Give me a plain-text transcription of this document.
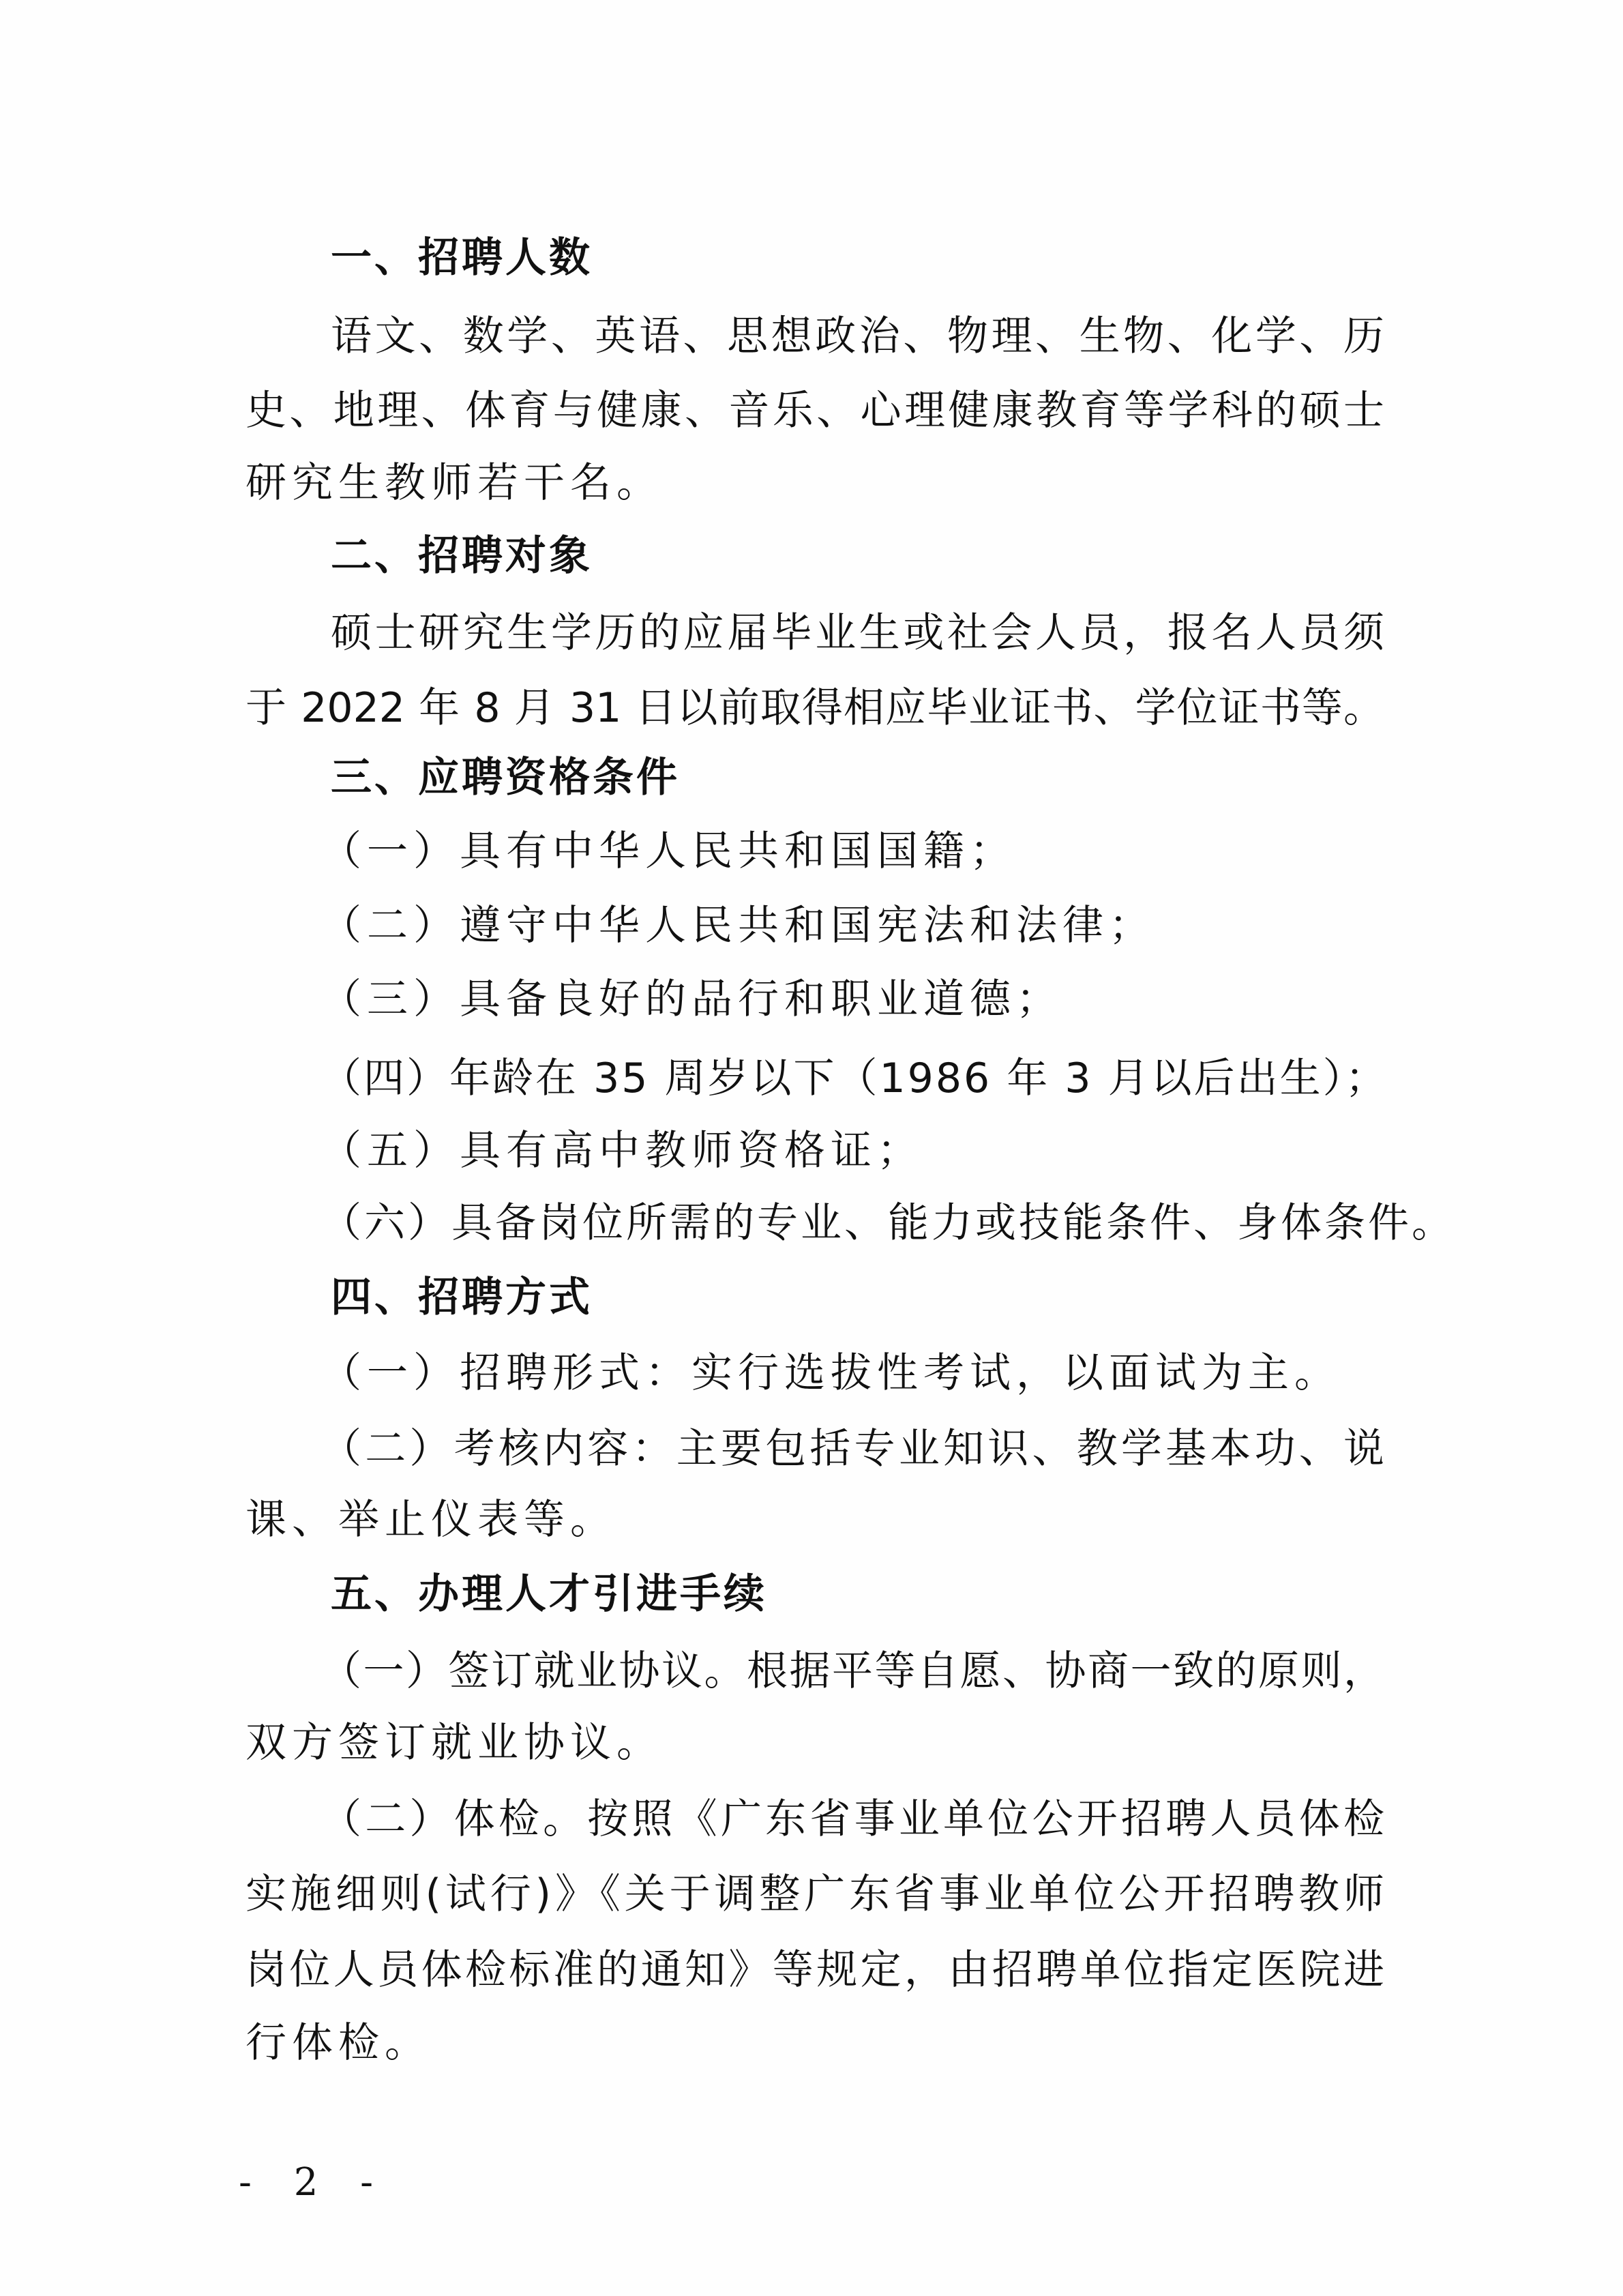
一、招聘人数
语文、数学、英语、思想政治、物理、生物、化学、历
史、地理、体育与健康、音乐、心理健康教育等学科的硕士
研究生教师若干名。
二、招聘对象
硕士研究生学历的应届毕业生或社会人员，报名人员须
于 2022 年 8 月 31 日以前取得相应毕业证书、学位证书等。
三、应聘资格条件
（一）具有中华人民共和国国籍；
（二）遵守中华人民共和国宪法和法律；
（三）具备良好的品行和职业道德；
（四）年龄在 35 周岁以下（1986 年 3 月以后出生）；
（五）具有高中教师资格证；
（六）具备岗位所需的专业、能力或技能条件、身体条件。
四、招聘方式
（一）招聘形式：实行选拔性考试，以面试为主。
（二）考核内容：主要包括专业知识、教学基本功、说
课、举止仪表等。
五、办理人才引进手续
（一）签订就业协议。根据平等自愿、协商一致的原则，
双方签订就业协议。
（二）体检。按照《广东省事业单位公开招聘人员体检
实施细则(试行)》《关于调整广东省事业单位公开招聘教师
岗位人员体检标准的通知》等规定，由招聘单位指定医院进
行体检。
- 2 -
